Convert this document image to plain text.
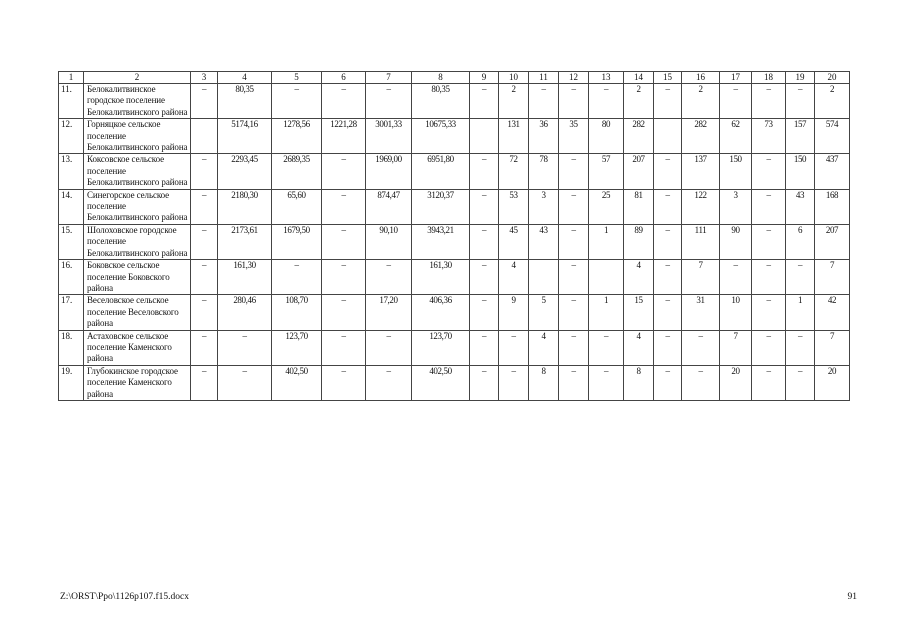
1	2	3	4	5	6	7	8	9	10	11	12	13	14	15	16	17	18	19	20
11.	Белокалитвинское городское поселение Белокалитвинского района	–	80,35	–	–	–	80,35	–	2	–	–	–	2	–	2	–	–	–	2
12.	Горняцкое сельское поселение Белокалитвинского района		5174,16	1278,56	1221,28	3001,33	10675,33		131	36	35	80	282		282	62	73	157	574
13.	Коксовское сельское поселение Белокалитвинского района	–	2293,45	2689,35	–	1969,00	6951,80	–	72	78	–	57	207	–	137	150	–	150	437
14.	Синегорское сельское поселение Белокалитвинского района	–	2180,30	65,60	–	874,47	3120,37	–	53	3	–	25	81	–	122	3	–	43	168
15.	Шолоховское городское поселение Белокалитвинского района	–	2173,61	1679,50	–	90,10	3943,21	–	45	43	–	1	89	–	111	90	–	6	207
16.	Боковское сельское поселение Боковского района	–	161,30	–	–	–	161,30	–	4		–		4	–	7	–	–	–	7
17.	Веселовское сельское поселение Веселовского района	–	280,46	108,70	–	17,20	406,36	–	9	5	–	1	15	–	31	10	–	1	42
18.	Астаховское сельское поселение Каменского района	–	–	123,70	–	–	123,70	–	–	4	–	–	4	–	–	7	–	–	7
19.	Глубокинское городское поселение Каменского района	–	–	402,50	–	–	402,50	–	–	8	–	–	8	–	–	20	–	–	20
Z:\ORST\Ppo\1126p107.f15.docx	91
